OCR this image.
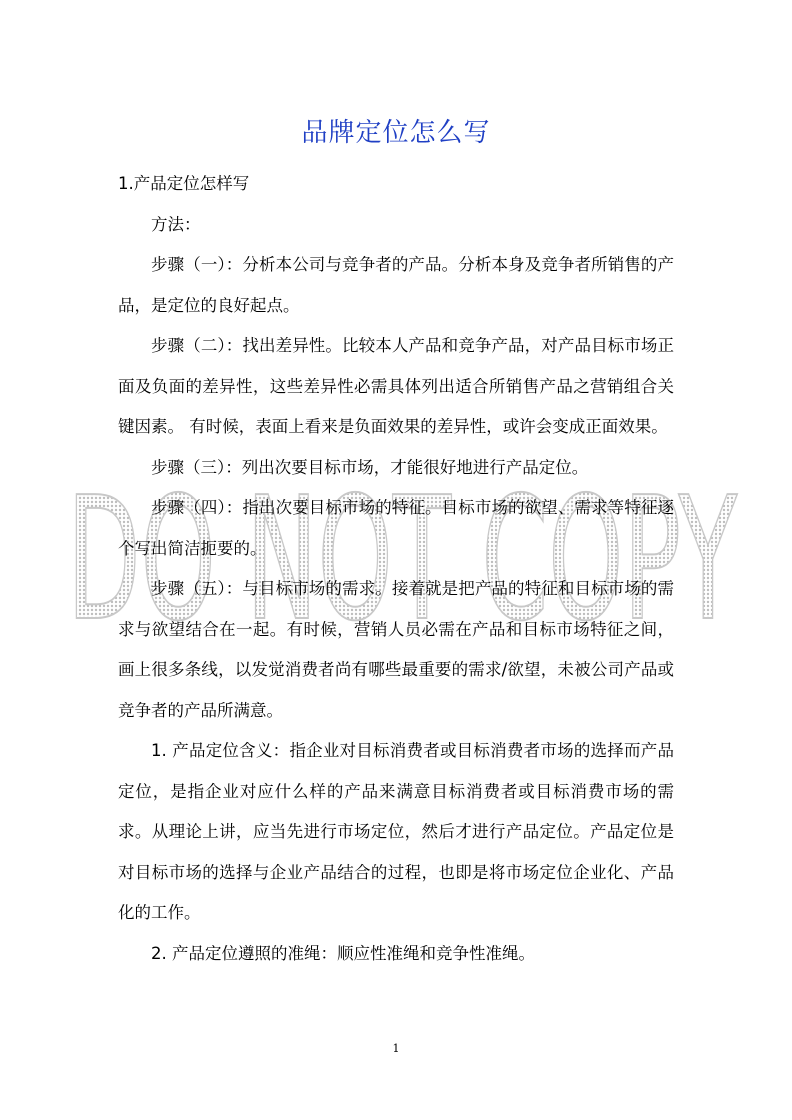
DO NOT COPY
品牌定位怎么写

1.产品定位怎样写

方法：

步骤（一）：分析本公司与竞争者的产品。分析本身及竞争者所销售的产品，是定位的良好起点。

步骤（二）：找出差异性。比较本人产品和竞争产品，对产品目标市场正面及负面的差异性，这些差异性必需具体列出适合所销售产品之营销组合关键因素。 有时候，表面上看来是负面效果的差异性，或许会变成正面效果。

步骤（三）：列出次要目标市场，才能很好地进行产品定位。

步骤（四）：指出次要目标市场的特征。目标市场的欲望、需求等特征逐个写出简洁扼要的。

步骤（五）：与目标市场的需求。接着就是把产品的特征和目标市场的需求与欲望结合在一起。有时候，营销人员必需在产品和目标市场特征之间，画上很多条线，以发觉消费者尚有哪些最重要的需求/欲望，未被公司产品或竞争者的产品所满意。

1. 产品定位含义：指企业对目标消费者或目标消费者市场的选择而产品定位，是指企业对应什么样的产品来满意目标消费者或目标消费市场的需求。从理论上讲，应当先进行市场定位，然后才进行产品定位。产品定位是对目标市场的选择与企业产品结合的过程，也即是将市场定位企业化、产品化的工作。

2. 产品定位遵照的准绳：顺应性准绳和竞争性准绳。

1
